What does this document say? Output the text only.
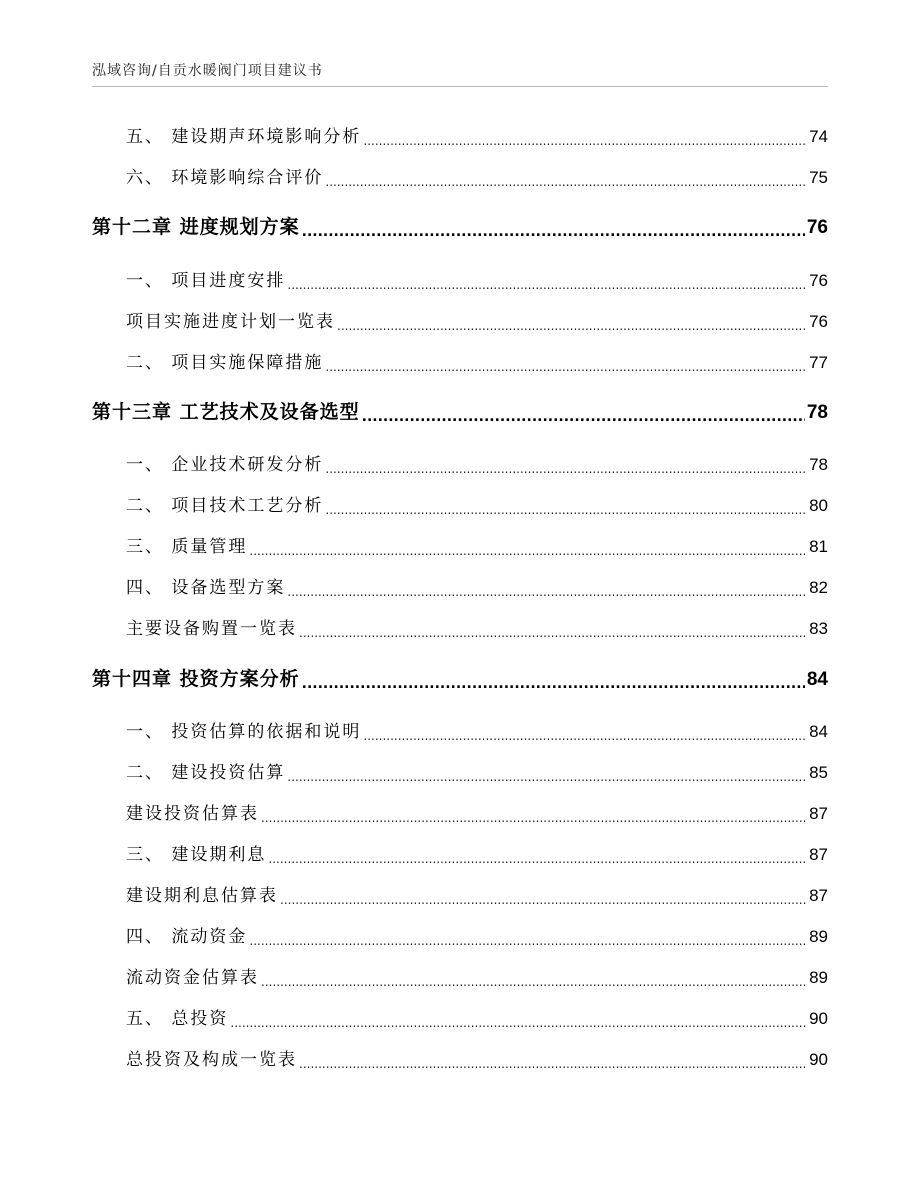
泓域咨询/自贡水暖阀门项目建议书
五、 建设期声环境影响分析 .....	74
六、 环境影响综合评价 .....	75
第十二章 进度规划方案 .....	76
一、 项目进度安排 .....	76
项目实施进度计划一览表 .....	76
二、 项目实施保障措施 .....	77
第十三章 工艺技术及设备选型 .....	78
一、 企业技术研发分析 .....	78
二、 项目技术工艺分析 .....	80
三、 质量管理 .....	81
四、 设备选型方案 .....	82
主要设备购置一览表 .....	83
第十四章 投资方案分析 .....	84
一、 投资估算的依据和说明 .....	84
二、 建设投资估算 .....	85
建设投资估算表 .....	87
三、 建设期利息 .....	87
建设期利息估算表 .....	87
四、 流动资金 .....	89
流动资金估算表 .....	89
五、 总投资 .....	90
总投资及构成一览表 .....	90
